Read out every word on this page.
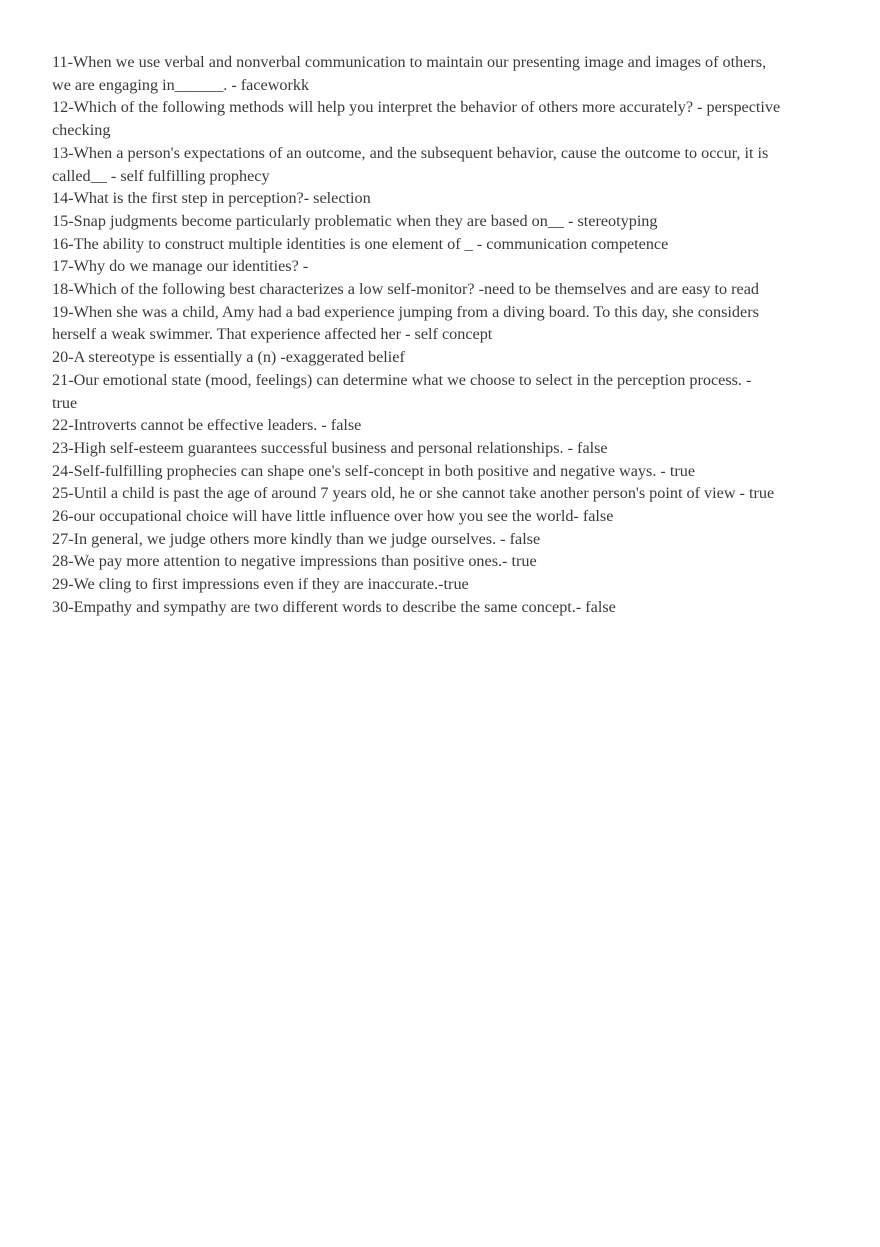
11-When we use verbal and nonverbal communication to maintain our presenting image and images of others,
we are engaging in______. - faceworkk
12-Which of the following methods will help you interpret the behavior of others more accurately? - perspective
checking
13-When a person's expectations of an outcome, and the subsequent behavior, cause the outcome to occur, it is
called__ - self fulfilling prophecy
14-What is the first step in perception?- selection
15-Snap judgments become particularly problematic when they are based on__ - stereotyping
16-The ability to construct multiple identities is one element of _ - communication competence
17-Why do we manage our identities? -
18-Which of the following best characterizes a low self-monitor? -need to be themselves and are easy to read
19-When she was a child, Amy had a bad experience jumping from a diving board. To this day, she considers
herself a weak swimmer. That experience affected her - self concept
20-A stereotype is essentially a (n) -exaggerated belief
21-Our emotional state (mood, feelings) can determine what we choose to select in the perception process. -
true
22-Introverts cannot be effective leaders. - false
23-High self-esteem guarantees successful business and personal relationships. - false
24-Self-fulfilling prophecies can shape one's self-concept in both positive and negative ways. - true
25-Until a child is past the age of around 7 years old, he or she cannot take another person's point of view - true
26-our occupational choice will have little influence over how you see the world- false
27-In general, we judge others more kindly than we judge ourselves. - false
28-We pay more attention to negative impressions than positive ones.- true
29-We cling to first impressions even if they are inaccurate.-true
30-Empathy and sympathy are two different words to describe the same concept.- false
